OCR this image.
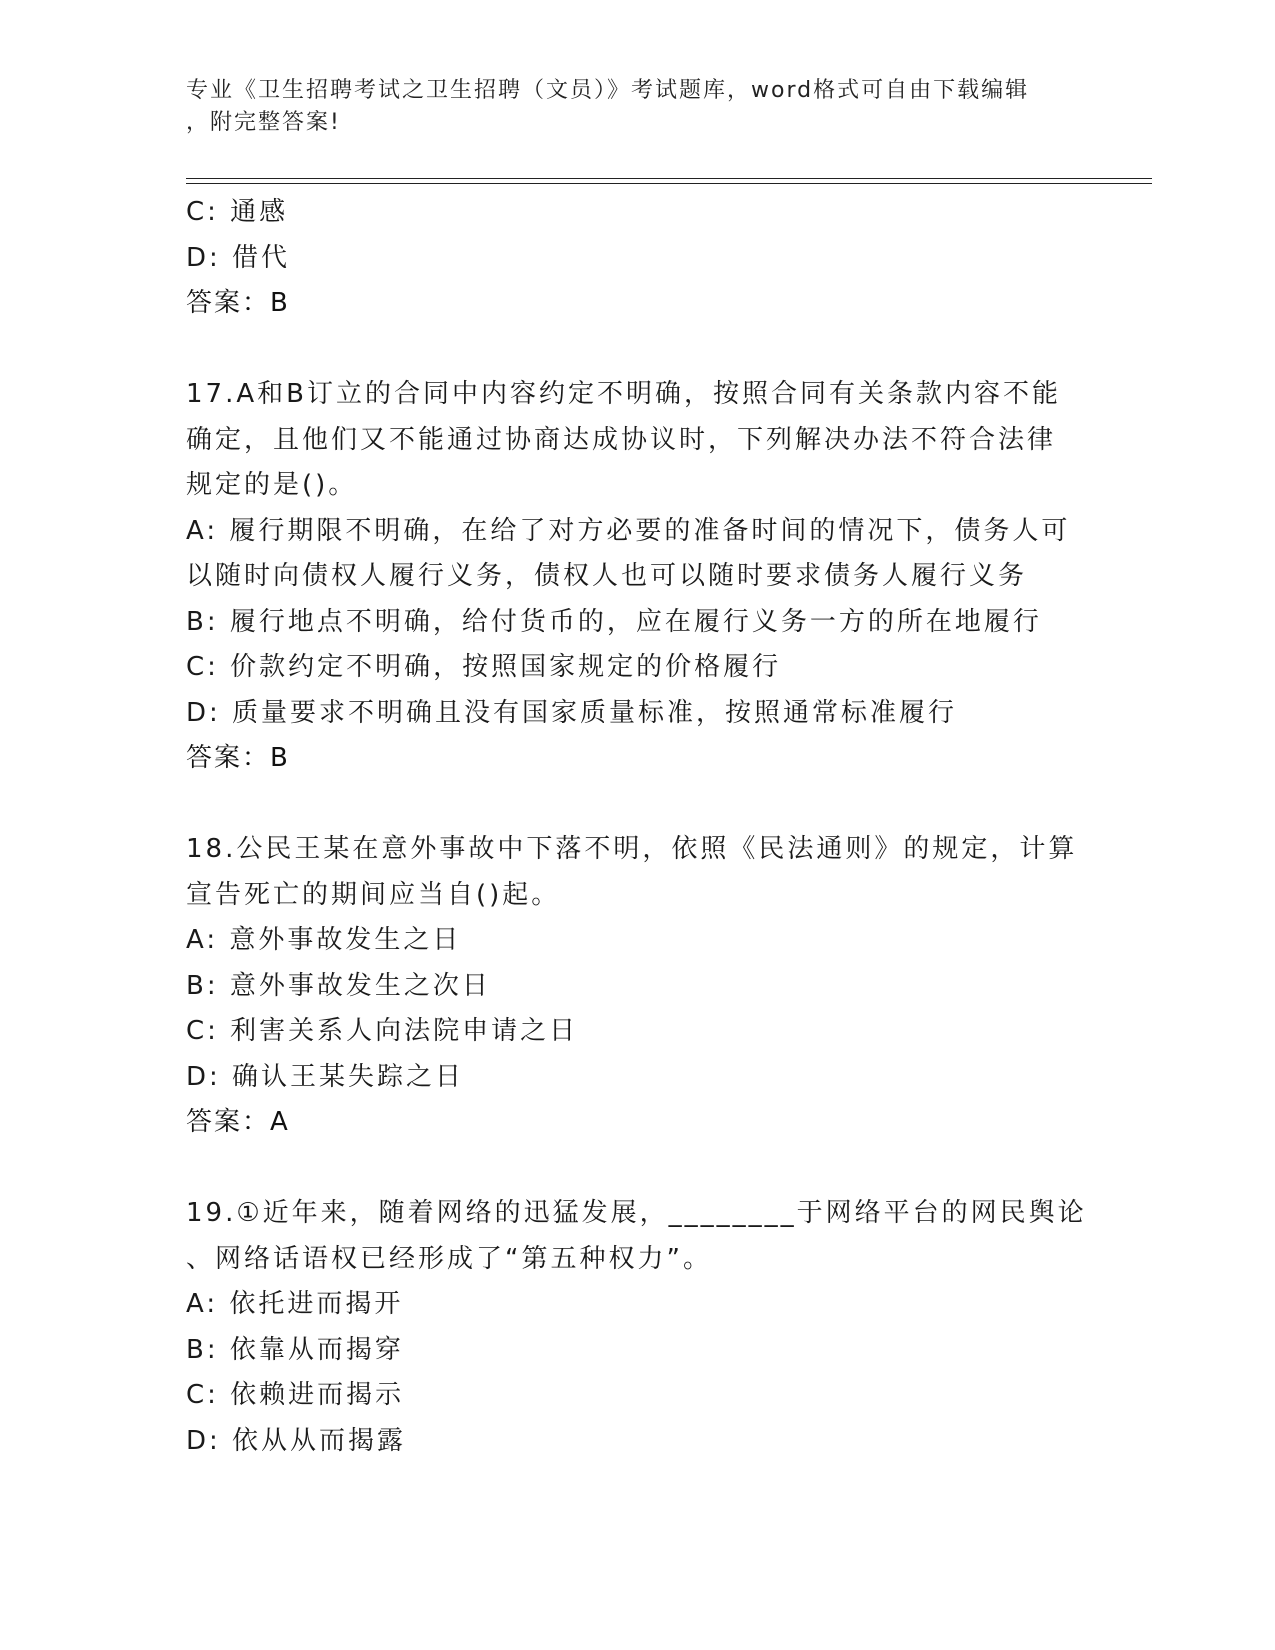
专业《卫生招聘考试之卫生招聘（文员）》考试题库，word格式可自由下载编辑
，附完整答案!
C: 通感
D: 借代
答案：B
17.A和B订立的合同中内容约定不明确，按照合同有关条款内容不能
确定，且他们又不能通过协商达成协议时，下列解决办法不符合法律
规定的是()。
A: 履行期限不明确，在给了对方必要的准备时间的情况下，债务人可
以随时向债权人履行义务，债权人也可以随时要求债务人履行义务
B: 履行地点不明确，给付货币的，应在履行义务一方的所在地履行
C: 价款约定不明确，按照国家规定的价格履行
D: 质量要求不明确且没有国家质量标准，按照通常标准履行
答案：B
18.公民王某在意外事故中下落不明，依照《民法通则》的规定，计算
宣告死亡的期间应当自()起。
A: 意外事故发生之日
B: 意外事故发生之次日
C: 利害关系人向法院申请之日
D: 确认王某失踪之日
答案：A
19.①近年来，随着网络的迅猛发展，________于网络平台的网民舆论
、网络话语权已经形成了“第五种权力”。
A: 依托进而揭开
B: 依靠从而揭穿
C: 依赖进而揭示
D: 依从从而揭露
